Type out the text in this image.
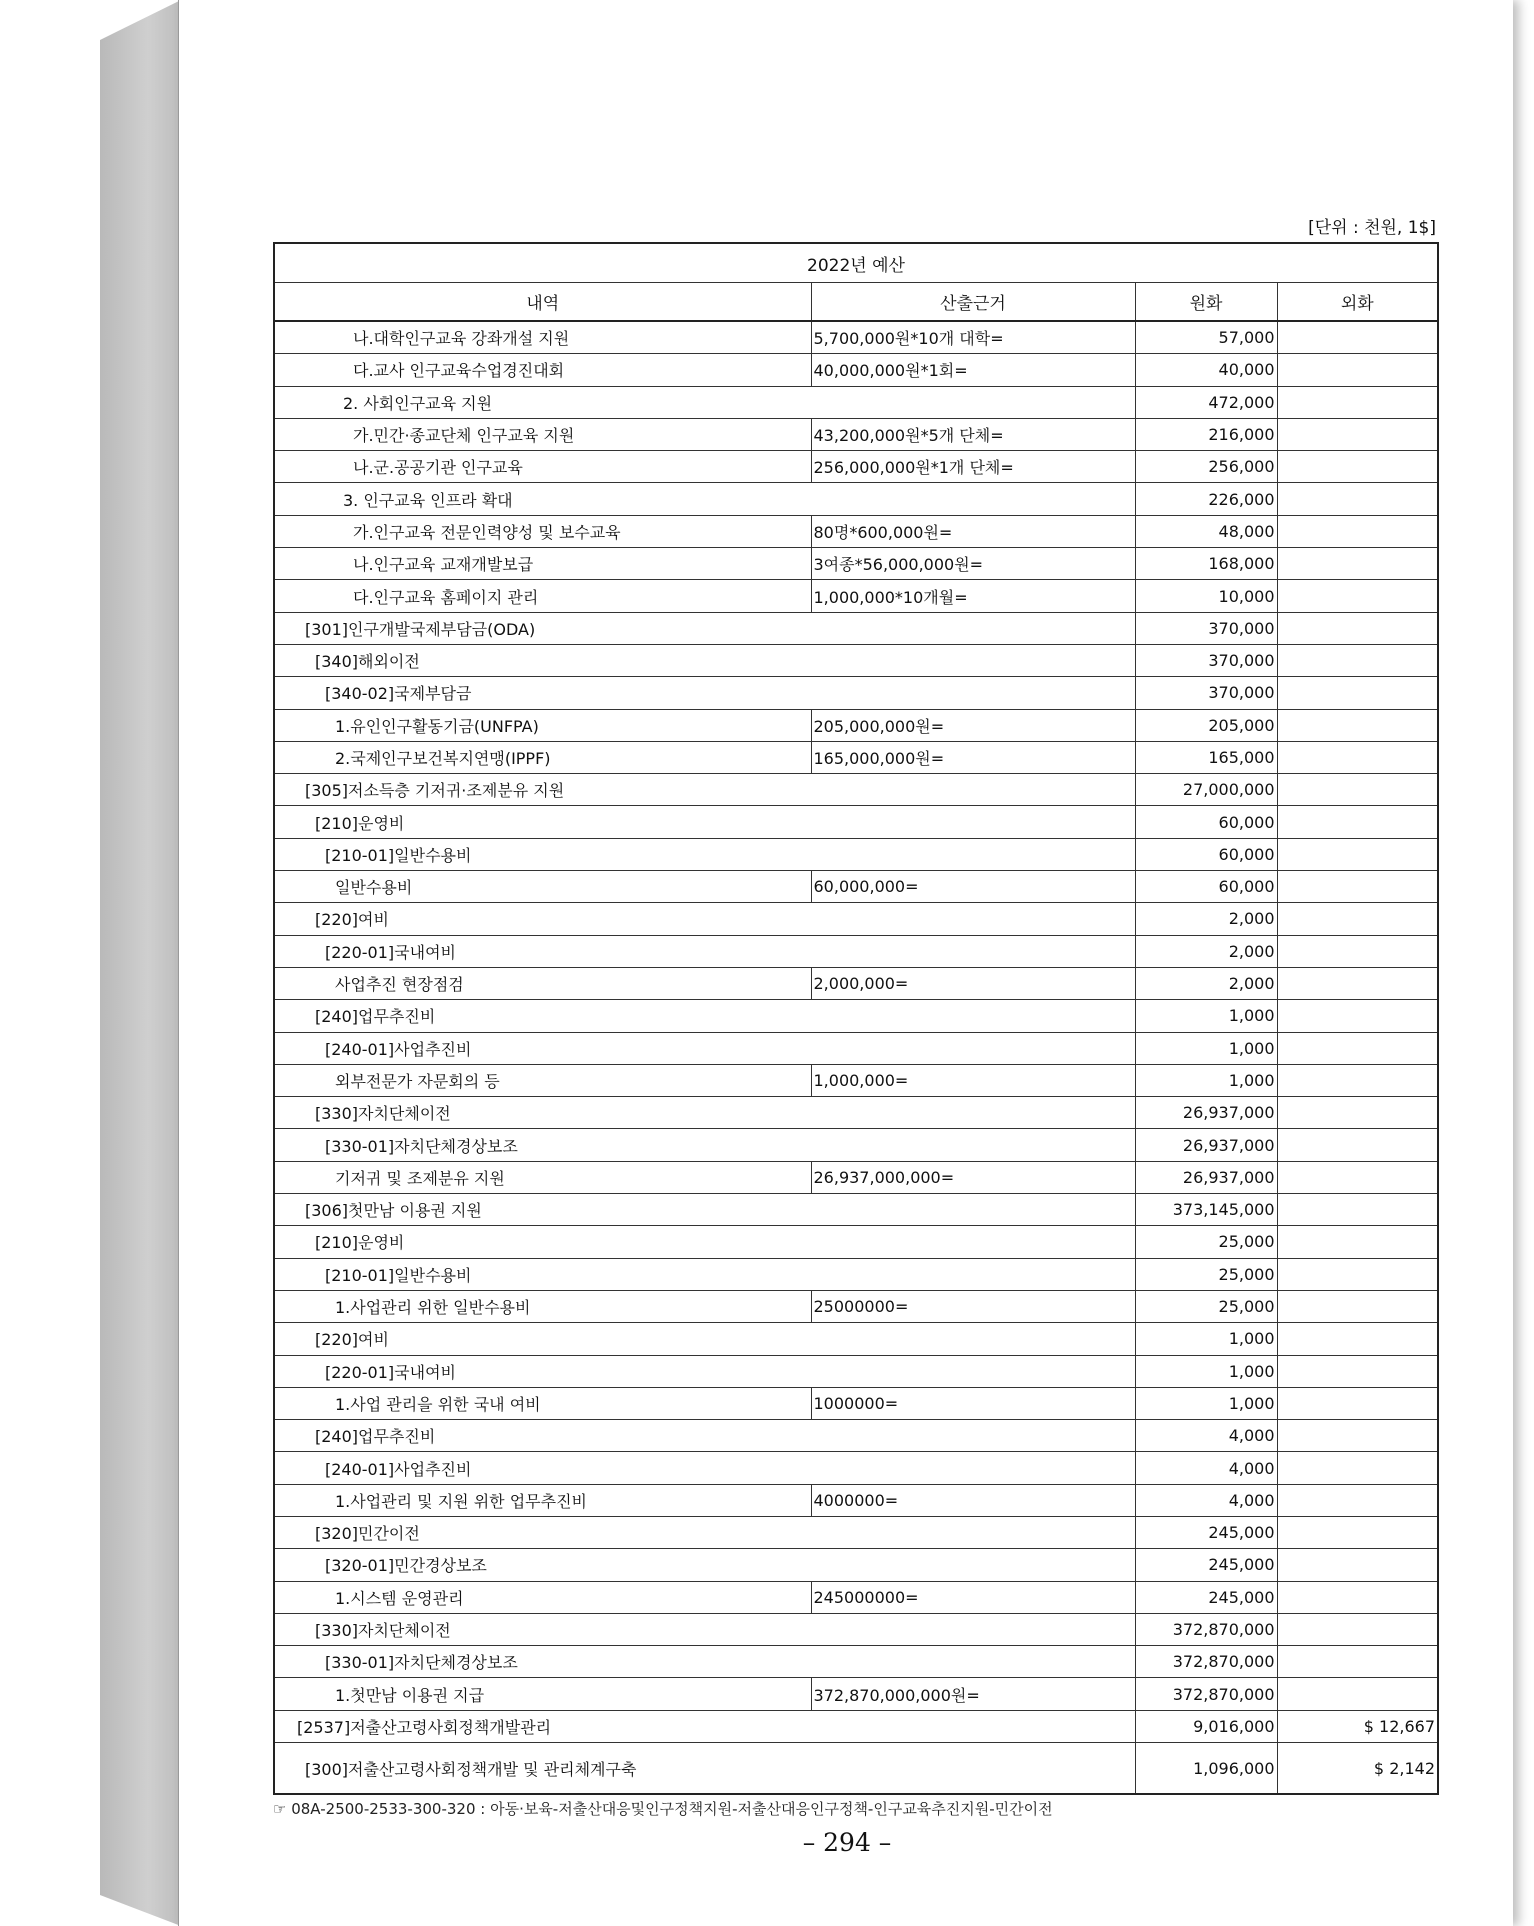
[단위 : 천원, 1$]
2022년 예산			
내역	산출근거	원화	외화
나.대학인구교육 강좌개설 지원	5,700,000원*10개 대학=	57,000	
다.교사 인구교육수업경진대회	40,000,000원*1회=	40,000	
2. 사회인구교육 지원		472,000	
가.민간·종교단체 인구교육 지원	43,200,000원*5개 단체=	216,000	
나.군.공공기관 인구교육	256,000,000원*1개 단체=	256,000	
3. 인구교육 인프라 확대		226,000	
가.인구교육 전문인력양성 및 보수교육	80명*600,000원=	48,000	
나.인구교육 교재개발보급	3여종*56,000,000원=	168,000	
다.인구교육 홈페이지 관리	1,000,000*10개월=	10,000	
[301]인구개발국제부담금(ODA)		370,000	
[340]해외이전		370,000	
[340-02]국제부담금		370,000	
1.유인인구활동기금(UNFPA)	205,000,000원=	205,000	
2.국제인구보건복지연맹(IPPF)	165,000,000원=	165,000	
[305]저소득층 기저귀·조제분유 지원		27,000,000	
[210]운영비		60,000	
[210-01]일반수용비		60,000	
일반수용비	60,000,000=	60,000	
[220]여비		2,000	
[220-01]국내여비		2,000	
사업추진 현장점검	2,000,000=	2,000	
[240]업무추진비		1,000	
[240-01]사업추진비		1,000	
외부전문가 자문회의 등	1,000,000=	1,000	
[330]자치단체이전		26,937,000	
[330-01]자치단체경상보조		26,937,000	
기저귀 및 조제분유 지원	26,937,000,000=	26,937,000	
[306]첫만남 이용권 지원		373,145,000	
[210]운영비		25,000	
[210-01]일반수용비		25,000	
1.사업관리 위한 일반수용비	25000000=	25,000	
[220]여비		1,000	
[220-01]국내여비		1,000	
1.사업 관리을 위한 국내 여비	1000000=	1,000	
[240]업무추진비		4,000	
[240-01]사업추진비		4,000	
1.사업관리 및 지원 위한 업무추진비	4000000=	4,000	
[320]민간이전		245,000	
[320-01]민간경상보조		245,000	
1.시스템 운영관리	245000000=	245,000	
[330]자치단체이전		372,870,000	
[330-01]자치단체경상보조		372,870,000	
1.첫만남 이용권 지급	372,870,000,000원=	372,870,000	
[2537]저출산고령사회정책개발관리		9,016,000	$ 12,667
[300]저출산고령사회정책개발 및 관리체계구축		1,096,000	$ 2,142
☞ 08A-2500-2533-300-320 : 아동·보육-저출산대응및인구정책지원-저출산대응인구정책-인구교육추진지원-민간이전
– 294 –
